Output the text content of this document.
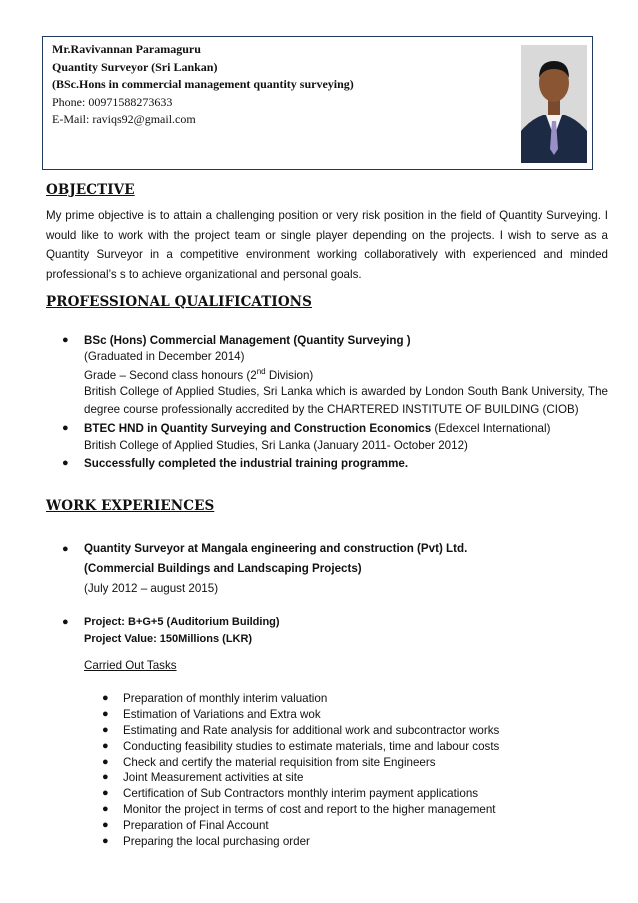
Mr.Ravivannan Paramaguru
Quantity Surveyor (Sri Lankan)
(BSc.Hons in commercial management quantity surveying)
Phone: 00971588273633
E-Mail: raviqs92@gmail.com
OBJECTIVE
My prime objective is to attain a challenging position or very risk position in the field of Quantity Surveying. I would like to work with the project team or single player depending on the projects. I wish to serve as a Quantity Surveyor in a competitive environment working collaboratively with experienced and minded professional’s s to achieve organizational and personal goals.
PROFESSIONAL QUALIFICATIONS
● BSc (Hons) Commercial Management (Quantity Surveying )
(Graduated in December 2014)
Grade – Second class honours (2nd Division)
British College of Applied Studies, Sri Lanka which is awarded by London South Bank University, The degree course professionally accredited by the CHARTERED INSTITUTE OF BUILDING (CIOB)
● BTEC HND in Quantity Surveying and Construction Economics (Edexcel International)
British College of Applied Studies, Sri Lanka (January 2011- October 2012)
● Successfully completed the industrial training programme.
WORK EXPERIENCES
● Quantity Surveyor at Mangala engineering and construction (Pvt) Ltd.
(Commercial Buildings and Landscaping Projects)
(July 2012 – august 2015)
● Project: B+G+5 (Auditorium Building)
Project Value: 150Millions (LKR)
Carried Out Tasks
● Preparation of monthly interim valuation
● Estimation of Variations and Extra wok
● Estimating and Rate analysis for additional work and subcontractor works
● Conducting feasibility studies to estimate materials, time and labour costs
● Check and certify the material requisition from site Engineers
● Joint Measurement activities at site
● Certification of Sub Contractors monthly interim payment applications
● Monitor the project in terms of cost and report to the higher management
● Preparation of Final Account
● Preparing the local purchasing order
